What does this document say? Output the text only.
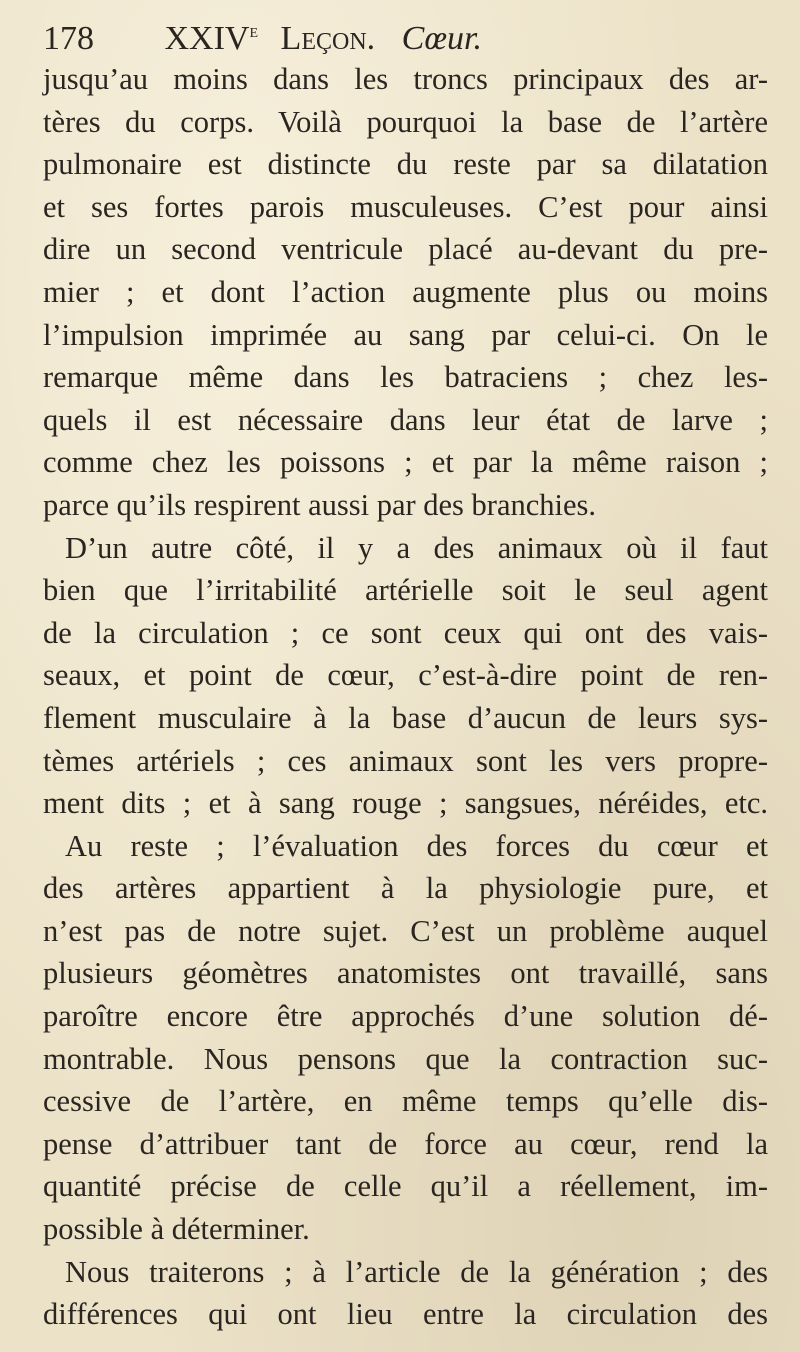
178 XXIVe Leçon. Cœur.
jusqu’au moins dans les troncs principaux des ar-
tères du corps. Voilà pourquoi la base de l’artère
pulmonaire est distincte du reste par sa dilatation
et ses fortes parois musculeuses. C’est pour ainsi
dire un second ventricule placé au-devant du pre-
mier ; et dont l’action augmente plus ou moins
l’impulsion imprimée au sang par celui-ci. On le
remarque même dans les batraciens ; chez les-
quels il est nécessaire dans leur état de larve ;
comme chez les poissons ; et par la même raison ;
parce qu’ils respirent aussi par des branchies.
D’un autre côté, il y a des animaux où il faut
bien que l’irritabilité artérielle soit le seul agent
de la circulation ; ce sont ceux qui ont des vais-
seaux, et point de cœur, c’est-à-dire point de ren-
flement musculaire à la base d’aucun de leurs sys-
tèmes artériels ; ces animaux sont les vers propre-
ment dits ; et à sang rouge ; sangsues, néréides, etc.
Au reste ; l’évaluation des forces du cœur et
des artères appartient à la physiologie pure, et
n’est pas de notre sujet. C’est un problème auquel
plusieurs géomètres anatomistes ont travaillé, sans
paroître encore être approchés d’une solution dé-
montrable. Nous pensons que la contraction suc-
cessive de l’artère, en même temps qu’elle dis-
pense d’attribuer tant de force au cœur, rend la
quantité précise de celle qu’il a réellement, im-
possible à déterminer.
Nous traiterons ; à l’article de la génération ; des
différences qui ont lieu entre la circulation des
